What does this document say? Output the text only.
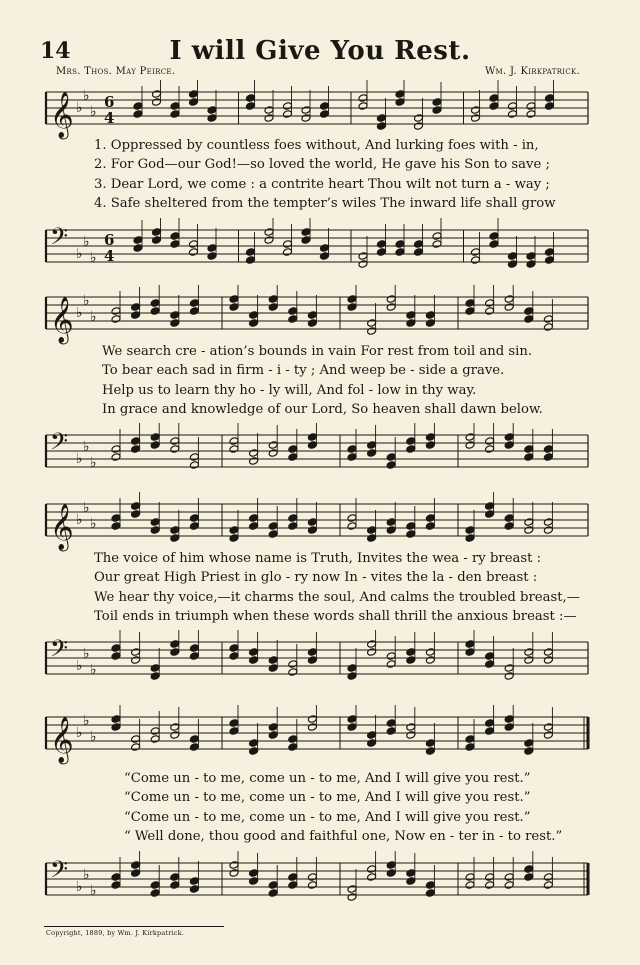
14	I will Give You Rest.
Mrs. Thos. May Peirce.	Wm. J. Kirkpatrick.
𝄞 ♭
♭
♭
6
4
1. Oppressed by countless foes without, And lurking foes with - in,
2. For God—our God!—so loved the world, He gave his Son to save ;
3. Dear Lord, we come : a contrite heart Thou wilt not turn a - way ;
4. Safe sheltered from the tempter’s wiles The inward life shall grow
𝄢 ♭
♭
♭
6
4
𝄞 ♭
♭
♭
We search cre - ation’s bounds in vain For rest from toil and sin.
To bear each sad in firm - i - ty ; And weep be - side a grave.
Help us to learn thy ho - ly will, And fol - low in thy way.
In grace and knowledge of our Lord, So heaven shall dawn below.
𝄢 ♭
♭
♭
𝄞 ♭
♭
♭
The voice of him whose name is Truth, Invites the wea - ry breast :
Our great High Priest in glo - ry now In - vites the la - den breast :
We hear thy voice,—it charms the soul, And calms the troubled breast,—
Toil ends in triumph when these words shall thrill the anxious breast :—
𝄢 ♭
♭
♭
𝄞 ♭
♭
♭
“Come un - to me, come un - to me, And I will give you rest.”
“Come un - to me, come un - to me, And I will give you rest.”
“Come un - to me, come un - to me, And I will give you rest.”
“ Well done, thou good and faithful one, Now en - ter in - to rest.”
𝄢 ♭
♭
♭
Copyright, 1889, by Wm. J. Kirkpatrick.
